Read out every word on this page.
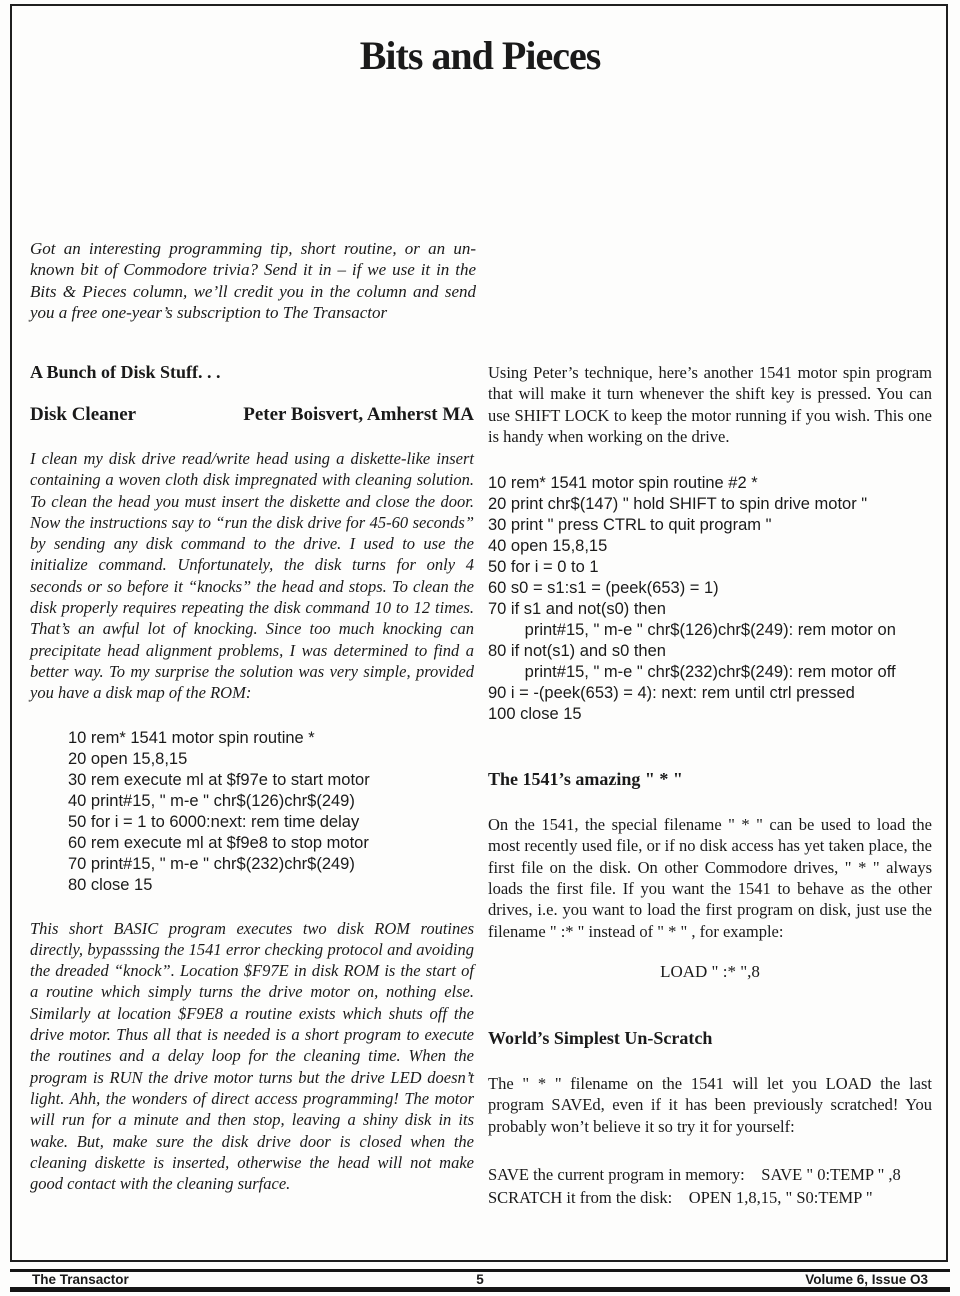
Bits and Pieces
Got an interesting programming tip, short routine, or an unknown bit of Commodore trivia? Send it in – if we use it in the Bits & Pieces column, we’ll credit you in the column and send you a free one-year’s subscription to The Transactor
A Bunch of Disk Stuff. . .
Disk Cleaner	Peter Boisvert, Amherst MA
I clean my disk drive read/write head using a diskette-like insert containing a woven cloth disk impregnated with cleaning solution. To clean the head you must insert the diskette and close the door. Now the instructions say to “run the disk drive for 45-60 seconds” by sending any disk command to the drive. I used to use the initialize command. Unfortunately, the disk turns for only 4 seconds or so before it “knocks” the head and stops. To clean the disk properly requires repeating the disk command 10 to 12 times. That’s an awful lot of knocking. Since too much knocking can precipitate head alignment problems, I was determined to find a better way. To my surprise the solution was very simple, provided you have a disk map of the ROM:
10 rem* 1541 motor spin routine *
20 open 15,8,15
30 rem execute ml at $f97e to start motor
40 print#15, " m-e " chr$(126)chr$(249)
50 for i = 1 to 6000:next: rem time delay
60 rem execute ml at $f9e8 to stop motor
70 print#15, " m-e " chr$(232)chr$(249)
80 close 15
This short BASIC program executes two disk ROM routines directly, bypasssing the 1541 error checking protocol and avoiding the dreaded “knock”. Location $F97E in disk ROM is the start of a routine which simply turns the drive motor on, nothing else. Similarly at location $F9E8 a routine exists which shuts off the drive motor. Thus all that is needed is a short program to execute the routines and a delay loop for the cleaning time. When the program is RUN the drive motor turns but the drive LED doesn’t light. Ahh, the wonders of direct access programming! The motor will run for a minute and then stop, leaving a shiny disk in its wake. But, make sure the disk drive door is closed when the cleaning diskette is inserted, otherwise the head will not make good contact with the cleaning surface.
Using Peter’s technique, here’s another 1541 motor spin program that will make it turn whenever the shift key is pressed. You can use SHIFT LOCK to keep the motor running if you wish. This one is handy when working on the drive.
10 rem* 1541 motor spin routine #2 *
20 print chr$(147) " hold SHIFT to spin drive motor "
30 print " press CTRL to quit program "
40 open 15,8,15
50 for i = 0 to 1
60 s0 = s1:s1 = (peek(653) = 1)
70 if s1 and not(s0) then
print#15, " m-e " chr$(126)chr$(249): rem motor on
80 if not(s1) and s0 then
print#15, " m-e " chr$(232)chr$(249): rem motor off
90 i = -(peek(653) = 4): next: rem until ctrl pressed
100 close 15
The 1541’s amazing " * "
On the 1541, the special filename " * " can be used to load the most recently used file, or if no disk access has yet taken place, the first file on the disk. On other Commodore drives, " * " always loads the first file. If you want the 1541 to behave as the other drives, i.e. you want to load the first program on disk, just use the filename " :* " instead of " * " , for example:
LOAD " :* ",8
World’s Simplest Un-Scratch
The " * " filename on the 1541 will let you LOAD the last program SAVEd, even if it has been previously scratched! You probably won’t believe it so try it for yourself:
SAVE the current program in memory:    SAVE " 0:TEMP " ,8
SCRATCH it from the disk:    OPEN 1,8,15, " S0:TEMP "
The Transactor	5	Volume 6, Issue O3
